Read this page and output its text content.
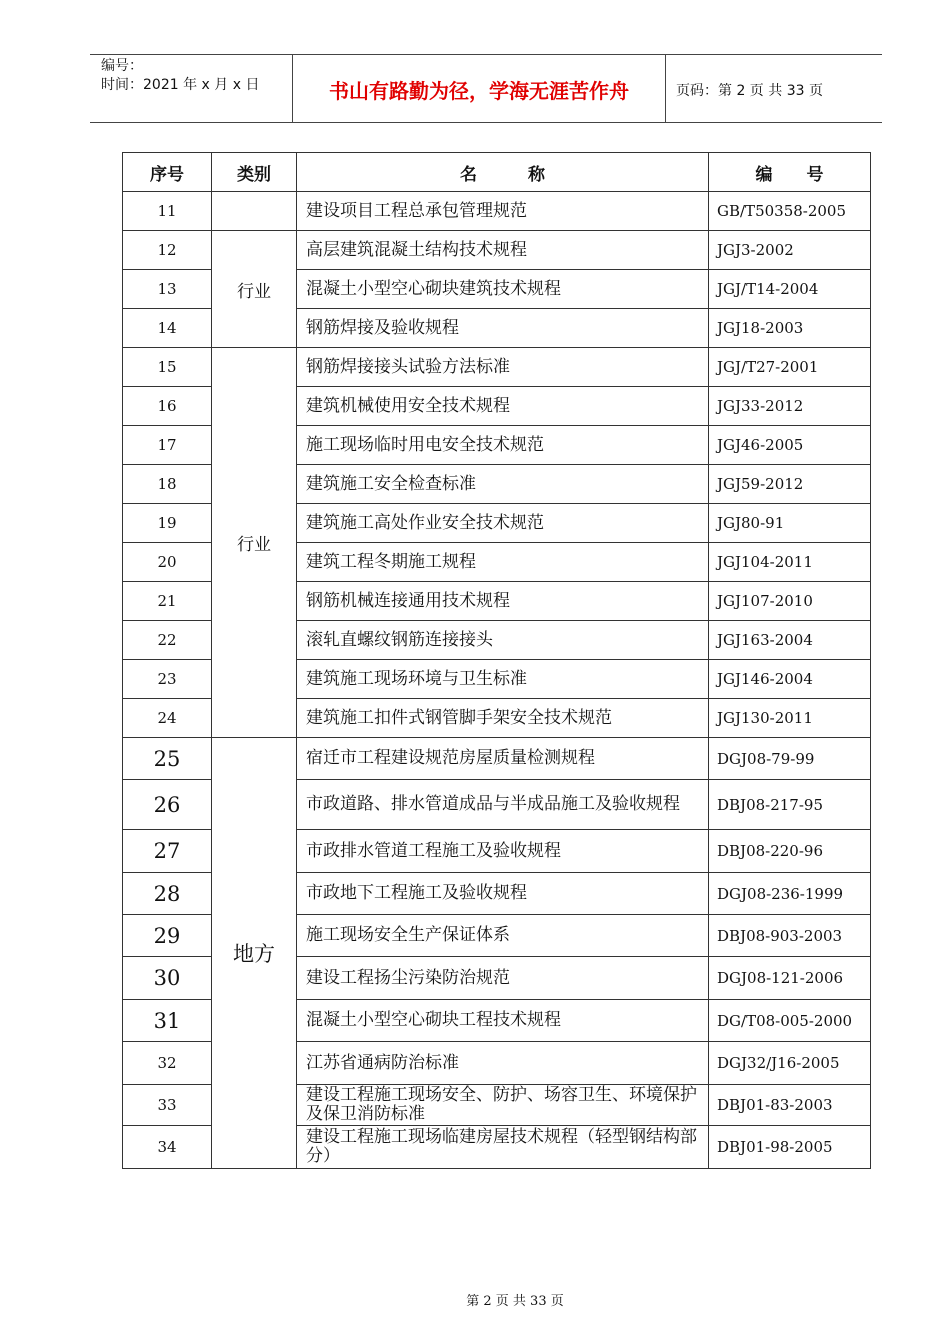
编号：
时间：2021 年 x 月 x 日	书山有路勤为径，学海无涯苦作舟	页码：第 2 页 共 33 页
序号	类别	名　　　称	编　　号
11		建设项目工程总承包管理规范	GB/T50358-2005
12	行业	高层建筑混凝土结构技术规程	JGJ3-2002
13		混凝土小型空心砌块建筑技术规程	JGJ/T14-2004
14		钢筋焊接及验收规程	JGJ18-2003
15	行业	钢筋焊接接头试验方法标准	JGJ/T27-2001
16		建筑机械使用安全技术规程	JGJ33-2012
17		施工现场临时用电安全技术规范	JGJ46-2005
18		建筑施工安全检查标准	JGJ59-2012
19		建筑施工高处作业安全技术规范	JGJ80-91
20		建筑工程冬期施工规程	JGJ104-2011
21		钢筋机械连接通用技术规程	JGJ107-2010
22		滚轧直螺纹钢筋连接接头	JGJ163-2004
23		建筑施工现场环境与卫生标准	JGJ146-2004
24		建筑施工扣件式钢管脚手架安全技术规范	JGJ130-2011
25	地方	宿迁市工程建设规范房屋质量检测规程	DGJ08-79-99
26		市政道路、排水管道成品与半成品施工及验收规程	DBJ08-217-95
27		市政排水管道工程施工及验收规程	DBJ08-220-96
28		市政地下工程施工及验收规程	DGJ08-236-1999
29		施工现场安全生产保证体系	DBJ08-903-2003
30		建设工程扬尘污染防治规范	DGJ08-121-2006
31		混凝土小型空心砌块工程技术规程	DG/T08-005-2000
32		江苏省通病防治标准	DGJ32/J16-2005
33		建设工程施工现场安全、防护、场容卫生、环境保护及保卫消防标准	DBJ01-83-2003
34		建设工程施工现场临建房屋技术规程（轻型钢结构部分）	DBJ01-98-2005
第 2 页 共 33 页
